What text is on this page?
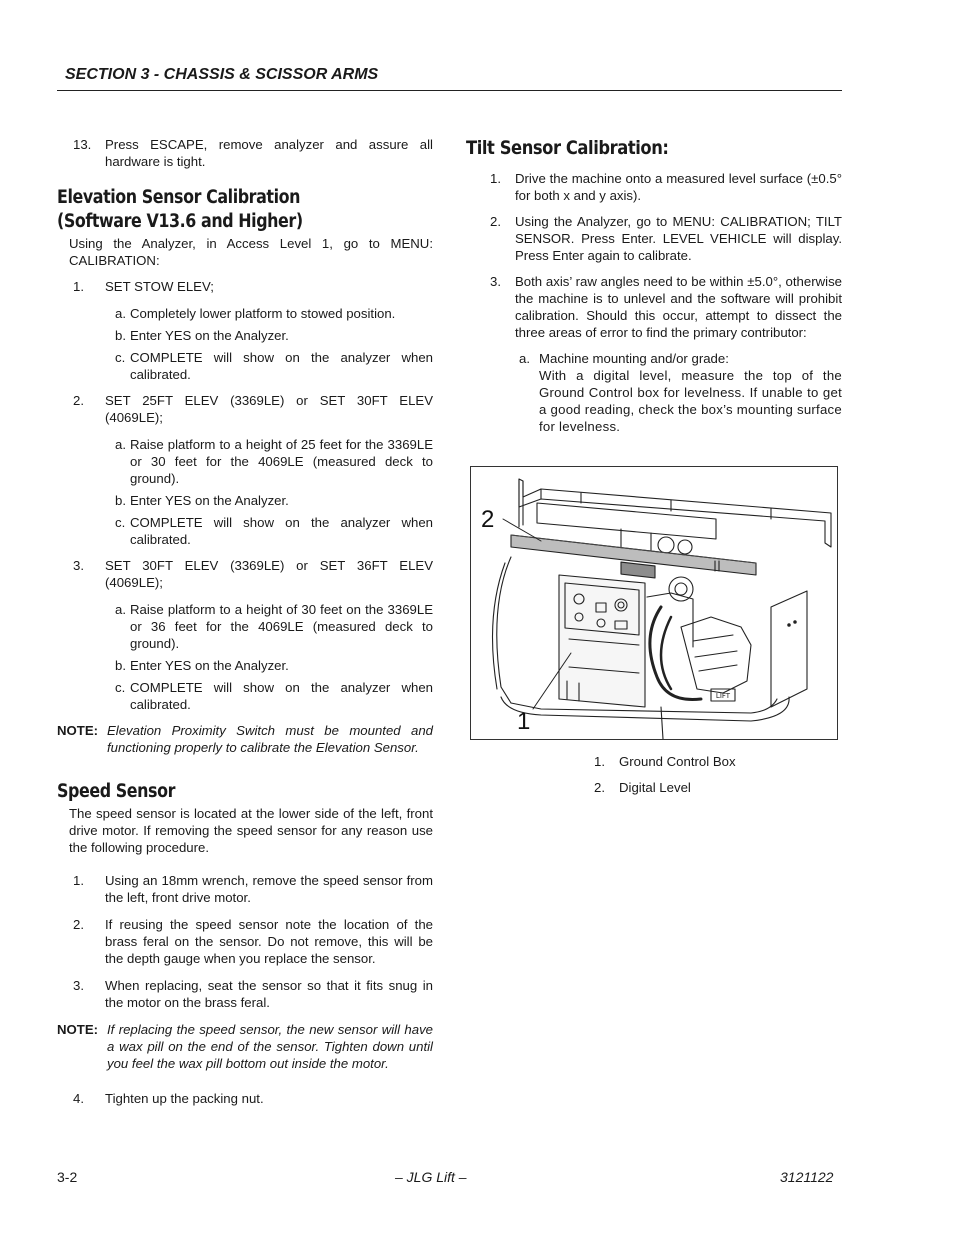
SECTION 3 - CHASSIS & SCISSOR ARMS
13. Press ESCAPE, remove analyzer and assure all hardware is tight.
Elevation Sensor Calibration
(Software V13.6 and Higher)
Using the Analyzer, in Access Level 1, go to MENU: CALIBRATION:
1. SET STOW ELEV;
a. Completely lower platform to stowed position.
b. Enter YES on the Analyzer.
c. COMPLETE will show on the analyzer when calibrated.
2. SET 25FT ELEV (3369LE) or SET 30FT ELEV (4069LE);
a. Raise platform to a height of 25 feet for the 3369LE or 30 feet for the 4069LE (measured deck to ground).
b. Enter YES on the Analyzer.
c. COMPLETE will show on the analyzer when calibrated.
3. SET 30FT ELEV (3369LE) or SET 36FT ELEV (4069LE);
a. Raise platform to a height of 30 feet on the 3369LE or 36 feet for the 4069LE (measured deck to ground).
b. Enter YES on the Analyzer.
c. COMPLETE will show on the analyzer when calibrated.
NOTE: Elevation Proximity Switch must be mounted and functioning properly to calibrate the Elevation Sensor.
Speed Sensor
The speed sensor is located at the lower side of the left, front drive motor. If removing the speed sensor for any reason use the following procedure.
1. Using an 18mm wrench, remove the speed sensor from the left, front drive motor.
2. If reusing the speed sensor note the location of the brass feral on the sensor. Do not remove, this will be the depth gauge when you replace the sensor.
3. When replacing, seat the sensor so that it fits snug in the motor on the brass feral.
NOTE: If replacing the speed sensor, the new sensor will have a wax pill on the end of the sensor. Tighten down until you feel the wax pill bottom out inside the motor.
4. Tighten up the packing nut.
Tilt Sensor Calibration:
1. Drive the machine onto a measured level surface (±0.5° for both x and y axis).
2. Using the Analyzer, go to MENU: CALIBRATION; TILT SENSOR. Press Enter. LEVEL VEHICLE will display. Press Enter again to calibrate.
3. Both axis’ raw angles need to be within ±5.0°, otherwise the machine is to unlevel and the software will prohibit calibration. Should this occur, attempt to dissect the three areas of error to find the primary contributor:
a. Machine mounting and/or grade:
With a digital level, measure the top of the Ground Control box for levelness. If unable to get a good reading, check the box’s mounting surface for levelness.
LIFT
2
1
1. Ground Control Box
2. Digital Level
3-2	– JLG Lift –	3121122
